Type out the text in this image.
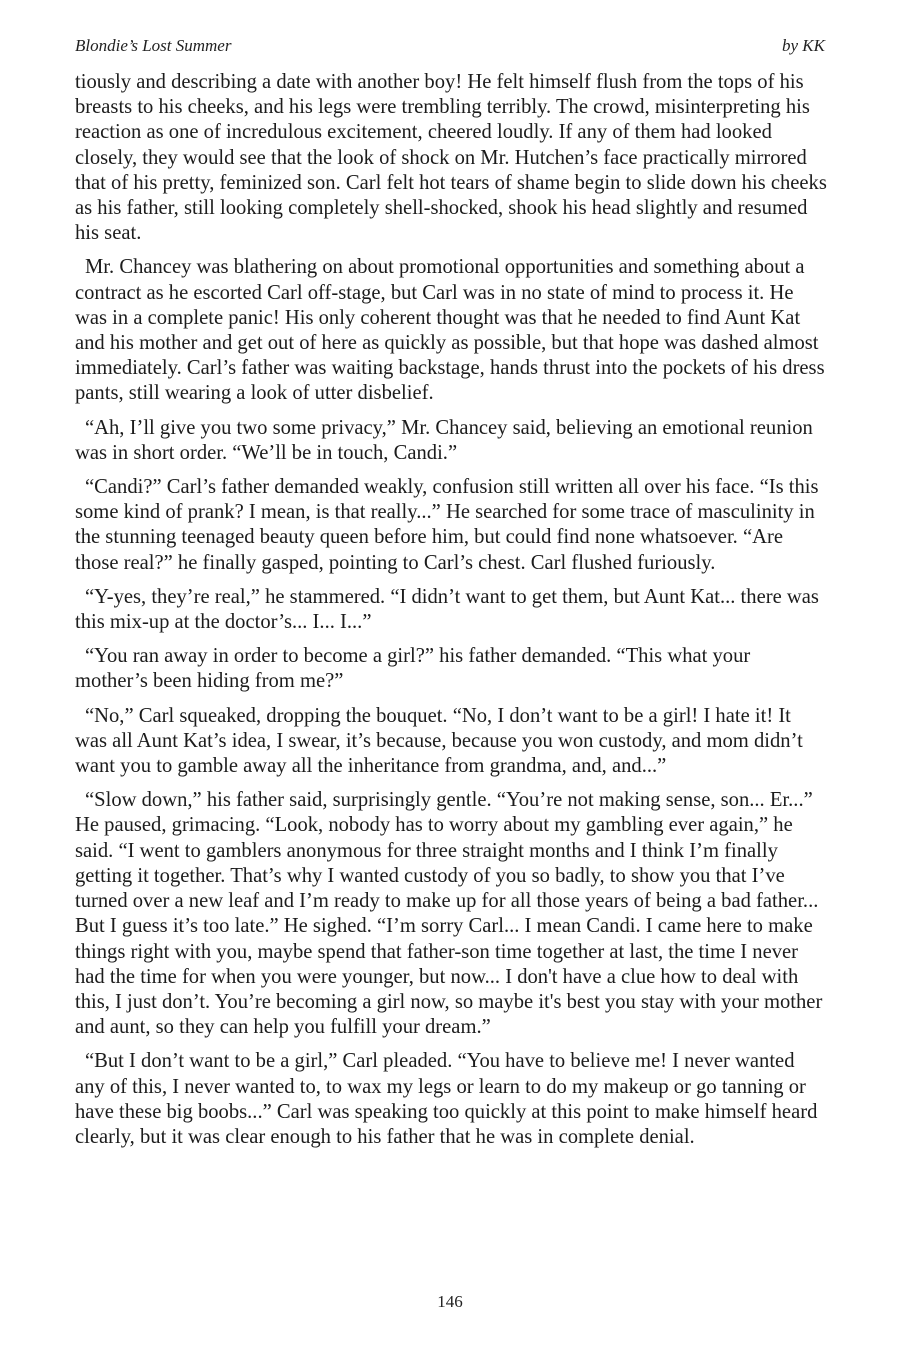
Blondie’s Lost Summer	by KK

tiously and describing a date with another boy! He felt himself flush from the tops of his breasts to his cheeks, and his legs were trembling terribly. The crowd, misinterpreting his reaction as one of incredulous excitement, cheered loudly. If any of them had looked closely, they would see that the look of shock on Mr. Hutchen’s face practically mirrored that of his pretty, feminized son. Carl felt hot tears of shame begin to slide down his cheeks as his father, still looking completely shell-shocked, shook his head slightly and resumed his seat.

Mr. Chancey was blathering on about promotional opportunities and something about a contract as he escorted Carl off-stage, but Carl was in no state of mind to process it. He was in a complete panic! His only coherent thought was that he needed to find Aunt Kat and his mother and get out of here as quickly as possible, but that hope was dashed almost immediately. Carl’s father was waiting backstage, hands thrust into the pockets of his dress pants, still wearing a look of utter disbelief.

“Ah, I’ll give you two some privacy,” Mr. Chancey said, believing an emotional reunion was in short order. “We’ll be in touch, Candi.”

“Candi?” Carl’s father demanded weakly, confusion still written all over his face. “Is this some kind of prank? I mean, is that really...” He searched for some trace of masculinity in the stunning teenaged beauty queen before him, but could find none whatsoever. “Are those real?” he finally gasped, pointing to Carl’s chest. Carl flushed furiously.

“Y-yes, they’re real,” he stammered. “I didn’t want to get them, but Aunt Kat... there was this mix-up at the doctor’s... I... I...”

“You ran away in order to become a girl?” his father demanded. “This what your mother’s been hiding from me?”

“No,” Carl squeaked, dropping the bouquet. “No, I don’t want to be a girl! I hate it! It was all Aunt Kat’s idea, I swear, it’s because, because you won custody, and mom didn’t want you to gamble away all the inheritance from grandma, and, and...”

“Slow down,” his father said, surprisingly gentle. “You’re not making sense, son... Er...” He paused, grimacing. “Look, nobody has to worry about my gambling ever again,” he said. “I went to gamblers anonymous for three straight months and I think I’m finally getting it together. That’s why I wanted custody of you so badly, to show you that I’ve turned over a new leaf and I’m ready to make up for all those years of being a bad father... But I guess it’s too late.” He sighed. “I’m sorry Carl... I mean Candi. I came here to make things right with you, maybe spend that father-son time together at last, the time I never had the time for when you were younger, but now... I don't have a clue how to deal with this, I just don’t. You’re becoming a girl now, so maybe it's best you stay with your mother and aunt, so they can help you fulfill your dream.”

“But I don’t want to be a girl,” Carl pleaded. “You have to believe me! I never wanted any of this, I never wanted to, to wax my legs or learn to do my makeup or go tanning or have these big boobs...” Carl was speaking too quickly at this point to make himself heard clearly, but it was clear enough to his father that he was in complete denial.

146
